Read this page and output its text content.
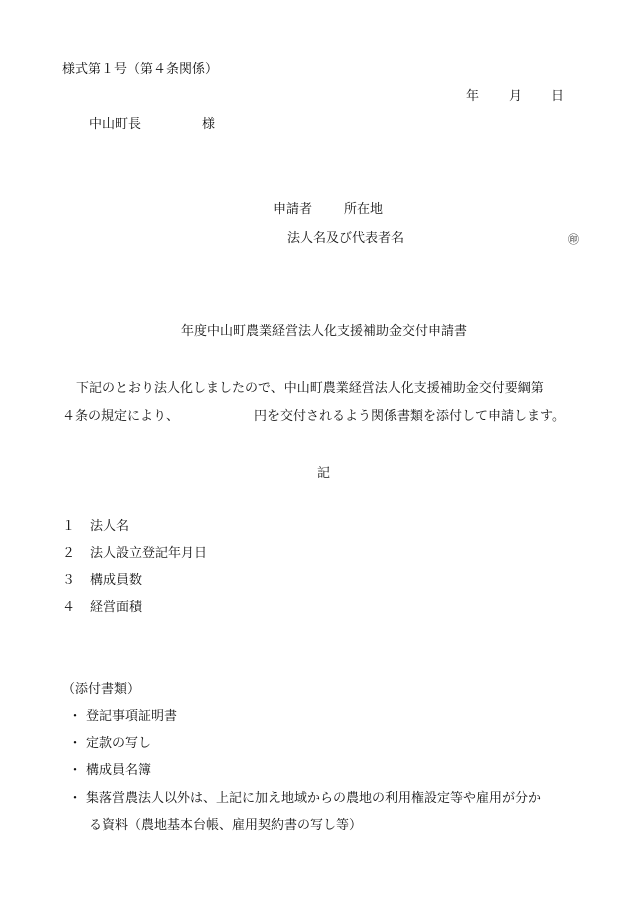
様式第１号（第４条関係）
年 月 日
中山町長	様
申請者 所在地
法人名及び代表者名	㊞
年度中山町農業経営法人化支援補助金交付申請書
下記のとおり法人化しましたので、中山町農業経営法人化支援補助金交付要綱第
４条の規定により、	円を交付されるよう関係書類を添付して申請します。
記
１ 法人名
２ 法人設立登記年月日
３ 構成員数
４ 経営面積
（添付書類）
・ 登記事項証明書
・ 定款の写し
・ 構成員名簿
・ 集落営農法人以外は、上記に加え地域からの農地の利用権設定等や雇用が分か
る資料（農地基本台帳、雇用契約書の写し等）
